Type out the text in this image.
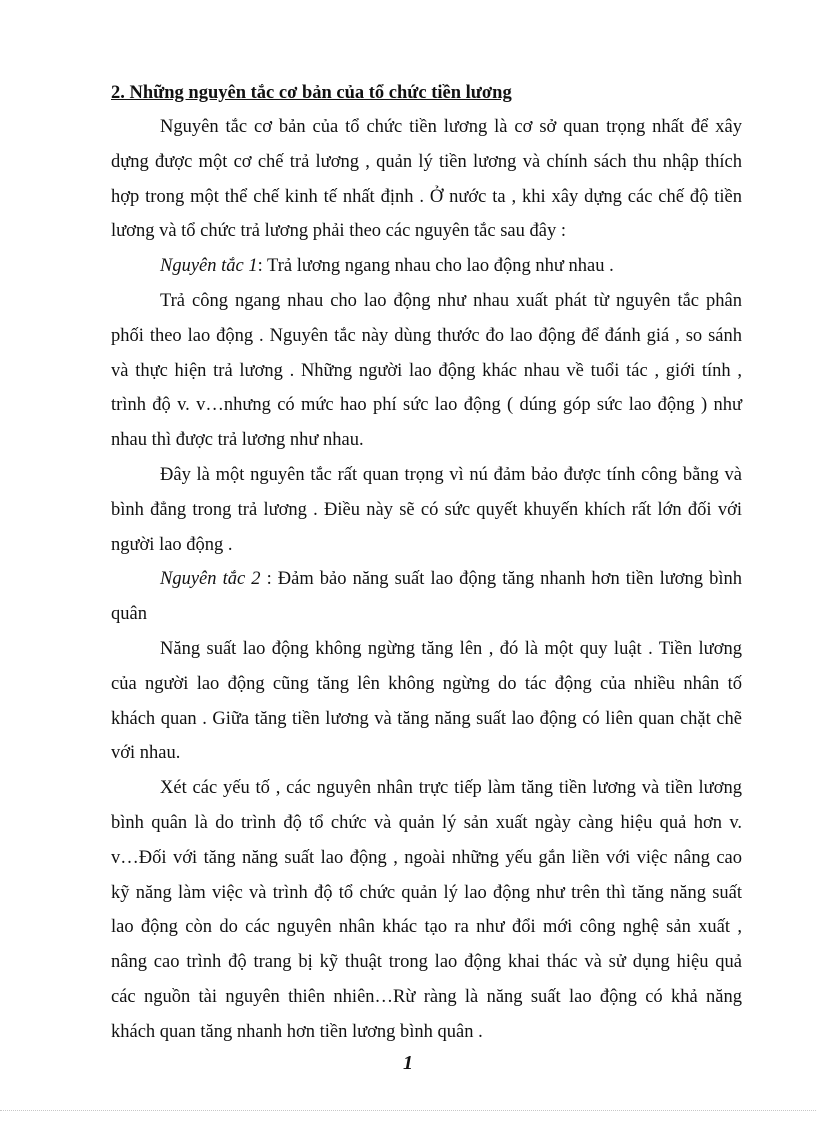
2. Những nguyên tắc cơ bản của tổ chức tiền lương

Nguyên tắc cơ bản của tổ chức tiền lương là cơ sở quan trọng nhất để xây
dựng được một cơ chế trả lương , quản lý tiền lương và chính sách thu nhập thích
hợp trong một thể chế kinh tế nhất định . Ở nước ta , khi xây dựng các chế độ tiền
lương và tổ chức trả lương phải theo các nguyên tắc sau đây :

Nguyên tắc 1: Trả lương ngang nhau cho lao động như nhau .

Trả công ngang nhau cho lao động như nhau xuất phát từ nguyên tắc phân
phối theo lao động . Nguyên tắc này dùng thước đo lao động để đánh giá , so sánh
và thực hiện trả lương . Những người lao động khác nhau về tuổi tác , giới tính ,
trình độ v. v…nhưng có mức hao phí sức lao động ( dúng góp sức lao động ) như
nhau thì được trả lương như nhau.

Đây là một nguyên tắc rất quan trọng vì nú đảm bảo được tính công bằng và
bình đẳng trong trả lương . Điều này sẽ có sức quyết khuyến khích rất lớn đối với
người lao động .

Nguyên tắc 2 : Đảm bảo năng suất lao động tăng nhanh hơn tiền lương bình
quân

Năng suất lao động không ngừng tăng lên , đó là một quy luật . Tiền lương
của người lao động cũng tăng lên không ngừng do tác động của nhiều nhân tố
khách quan . Giữa tăng tiền lương và tăng năng suất lao động có liên quan chặt chẽ
với nhau.

Xét các yếu tố , các nguyên nhân trực tiếp làm tăng tiền lương và tiền lương
bình quân là do trình độ tổ chức và quản lý sản xuất ngày càng hiệu quả hơn v.
v…Đối với tăng năng suất lao động , ngoài những yếu gắn liền với việc nâng cao
kỹ năng làm việc và trình độ tổ chức quản lý lao động như trên thì tăng năng suất
lao động còn do các nguyên nhân khác tạo ra như đổi mới công nghệ sản xuất ,
nâng cao trình độ trang bị kỹ thuật trong lao động khai thác và sử dụng hiệu quả
các nguồn tài nguyên thiên nhiên…Rừ ràng là năng suất lao động có khả năng
khách quan tăng nhanh hơn tiền lương bình quân .

1
